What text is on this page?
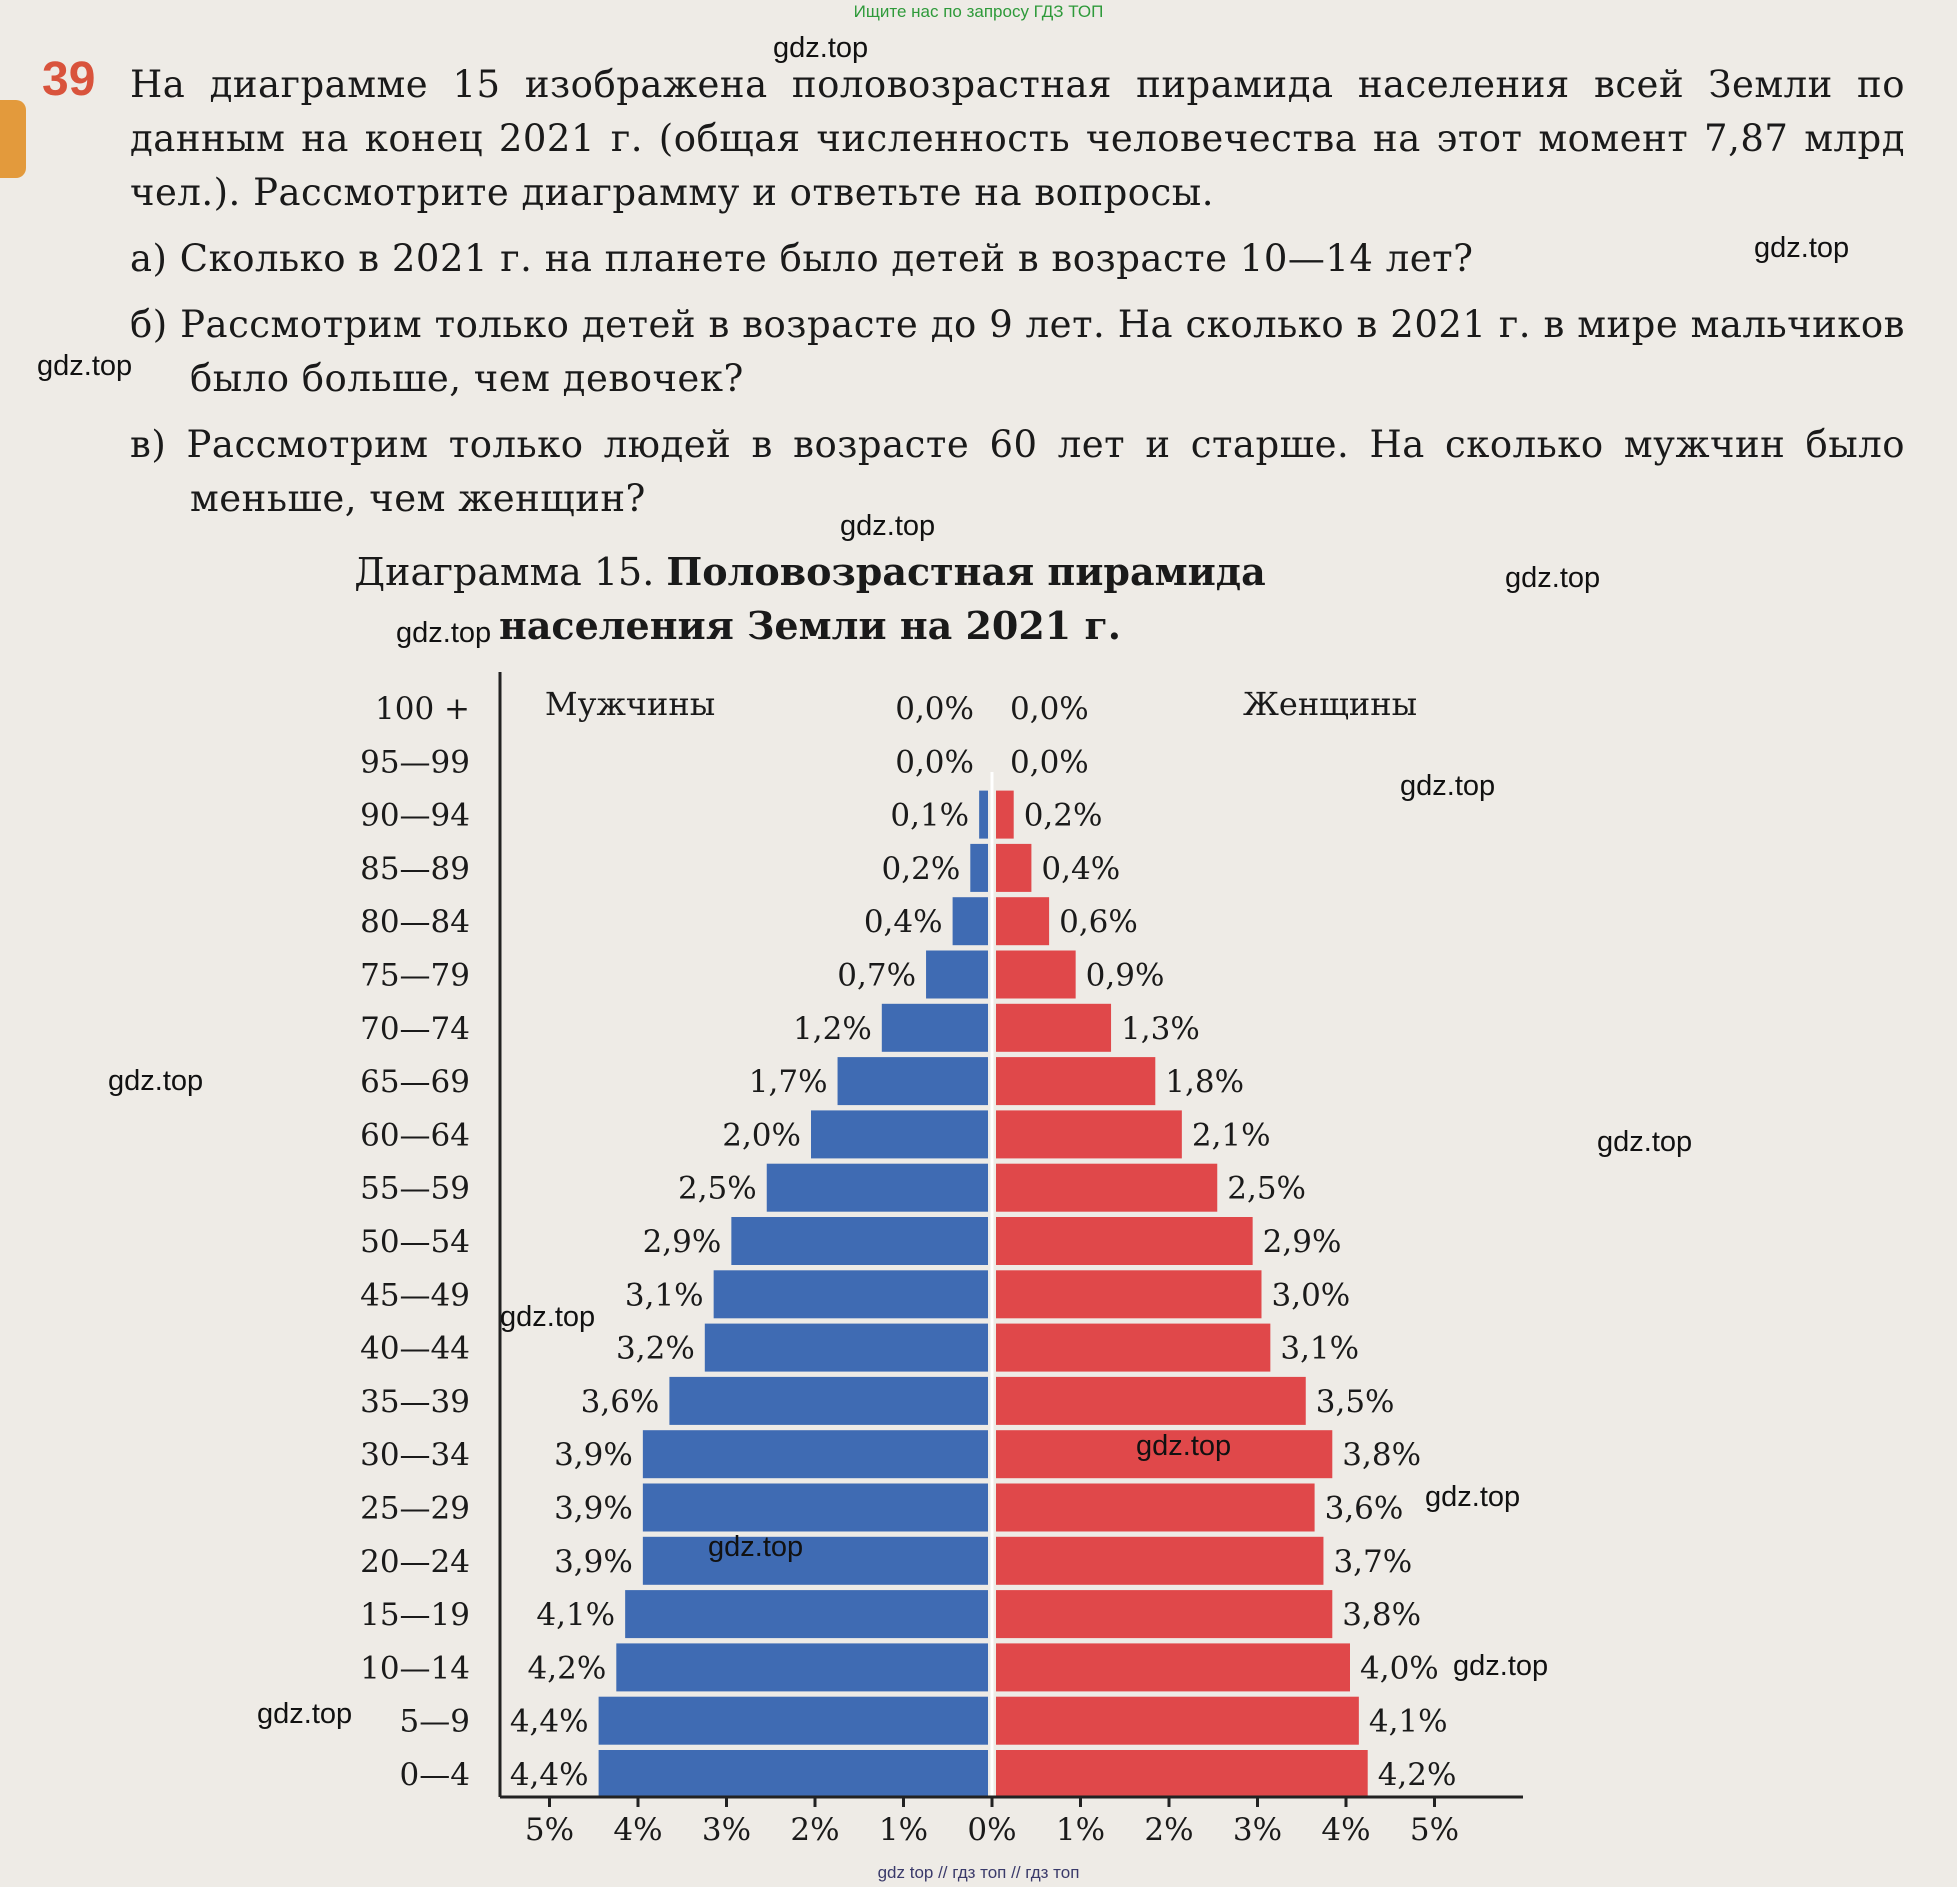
Ищите нас по запросу ГДЗ ТОП
39 На диаграмме 15 изображена половозрастная пирамида населения всей Земли по данным на конец 2021 г. (общая численность человечества на этот момент 7,87 млрд чел.). Рассмотрите диаграмму и ответьте на вопросы.

а) Сколько в 2021 г. на планете было детей в возрасте 10—14 лет?

б) Рассмотрим только детей в возрасте до 9 лет. На сколько в 2021 г. в мире мальчиков было больше, чем девочек?

в) Рассмотрим только людей в возрасте 60 лет и старше. На сколько мужчин было меньше, чем женщин?

Диаграмма 15. Половозрастная пирамида
населения Земли на 2021 г.
100 +	0,0% 0,0%
95—99	0,0% 0,0%
90—94	0,1% 0,2%
85—89	0,2%	0,4%
80—84	0,4%	0,6%
75—79	0,7%	0,9%
70—74	1,2%	1,3%
65—69	1,7%	1,8%
60—64	2,0%	2,1%
55—59	2,5%	2,5%
50—54	2,9%	2,9%
45—49	3,1%	3,0%
40—44	3,2%	3,1%
35—39	3,6%	3,5%
30—34	3,9%	3,8%
25—29	3,9%	3,6%
20—24	3,9%	3,7%
15—19 4,1%	3,8%
10—14 4,2%	4,0%
5—9 4,4%	4,1%
0—4 4,4%	4,2%
5% 4% 3% 2% 1% 0% 1% 2% 3% 4% 5%
Мужчины	Женщины
gdz.top
gdz.top
gdz.top
gdz.top
gdz.top
gdz.top
gdz.top
gdz.top
gdz.top
gdz.top
gdz.top
gdz.top
gdz.top
gdz.top
gdz.top
gdz top // гдз топ // гдз топ
